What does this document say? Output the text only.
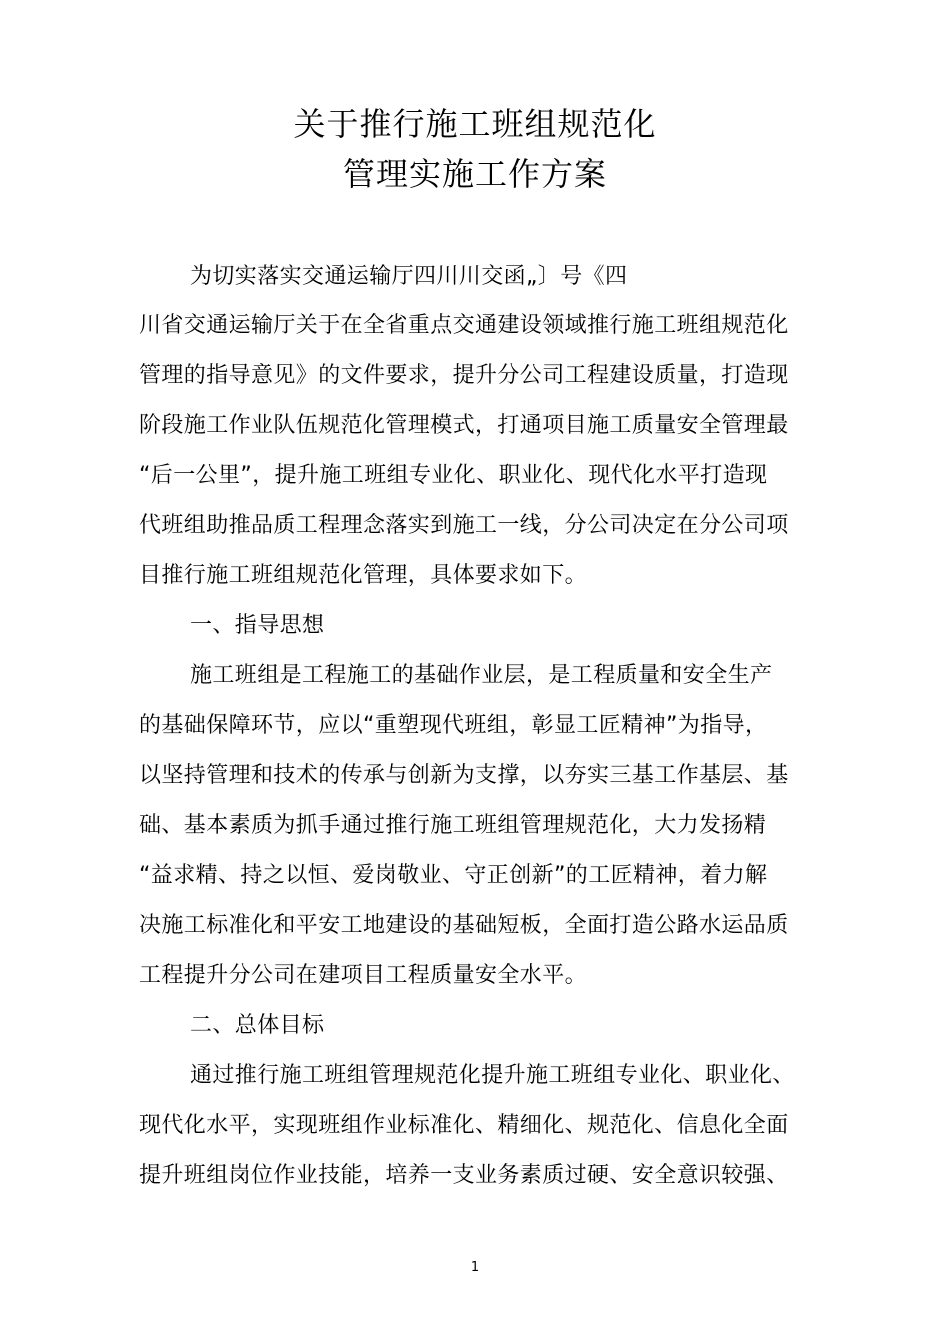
关于推行施工班组规范化
管理实施工作方案
为切实落实交通运输厅四川川交函„〕号《四
川省交通运输厅关于在全省重点交通建设领域推行施工班组规范化
管理的指导意见》的文件要求，提升分公司工程建设质量，打造现
阶段施工作业队伍规范化管理模式，打通项目施工质量安全管理最
“后一公里”，提升施工班组专业化、职业化、现代化水平打造现
代班组助推品质工程理念落实到施工一线，分公司决定在分公司项
目推行施工班组规范化管理，具体要求如下。
一、指导思想
施工班组是工程施工的基础作业层，是工程质量和安全生产
的基础保障环节，应以“重塑现代班组，彰显工匠精神”为指导，
以坚持管理和技术的传承与创新为支撑，以夯实三基工作基层、基
础、基本素质为抓手通过推行施工班组管理规范化，大力发扬精
“益求精、持之以恒、爱岗敬业、守正创新”的工匠精神，着力解
决施工标准化和平安工地建设的基础短板，全面打造公路水运品质
工程提升分公司在建项目工程质量安全水平。
二、总体目标
通过推行施工班组管理规范化提升施工班组专业化、职业化、
现代化水平，实现班组作业标准化、精细化、规范化、信息化全面
提升班组岗位作业技能，培养一支业务素质过硬、安全意识较强、
1
